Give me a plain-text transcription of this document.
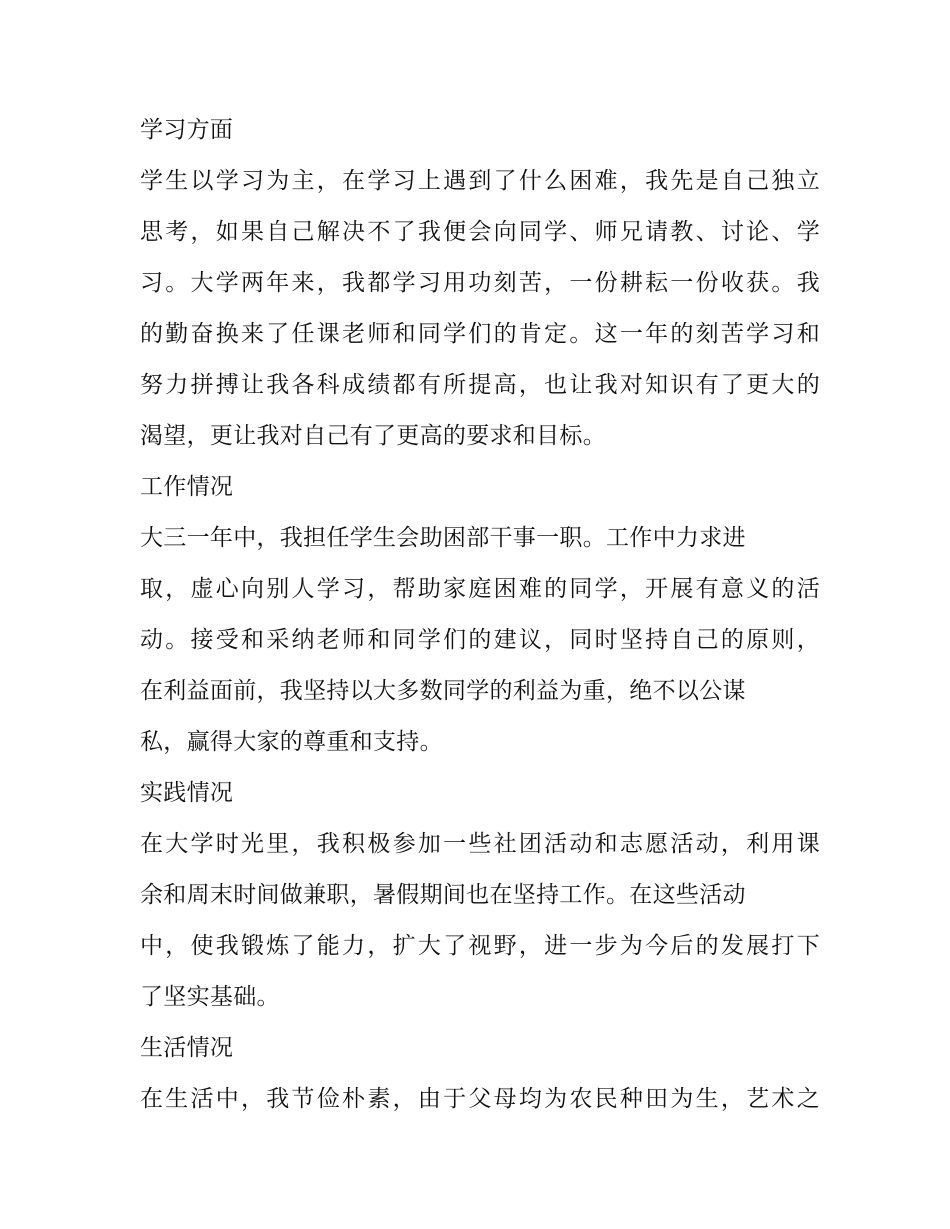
学习方面
学生以学习为主，在学习上遇到了什么困难，我先是自己独立
思考，如果自己解决不了我便会向同学、师兄请教、讨论、学
习。大学两年来，我都学习用功刻苦，一份耕耘一份收获。我
的勤奋换来了任课老师和同学们的肯定。这一年的刻苦学习和
努力拼搏让我各科成绩都有所提高，也让我对知识有了更大的
渴望，更让我对自己有了更高的要求和目标。
工作情况
大三一年中，我担任学生会助困部干事一职。工作中力求进
取，虚心向别人学习，帮助家庭困难的同学，开展有意义的活
动。接受和采纳老师和同学们的建议，同时坚持自己的原则，
在利益面前，我坚持以大多数同学的利益为重，绝不以公谋
私，赢得大家的尊重和支持。
实践情况
在大学时光里，我积极参加一些社团活动和志愿活动，利用课
余和周末时间做兼职，暑假期间也在坚持工作。在这些活动
中，使我锻炼了能力，扩大了视野，进一步为今后的发展打下
了坚实基础。
生活情况
在生活中，我节俭朴素，由于父母均为农民种田为生，艺术之
